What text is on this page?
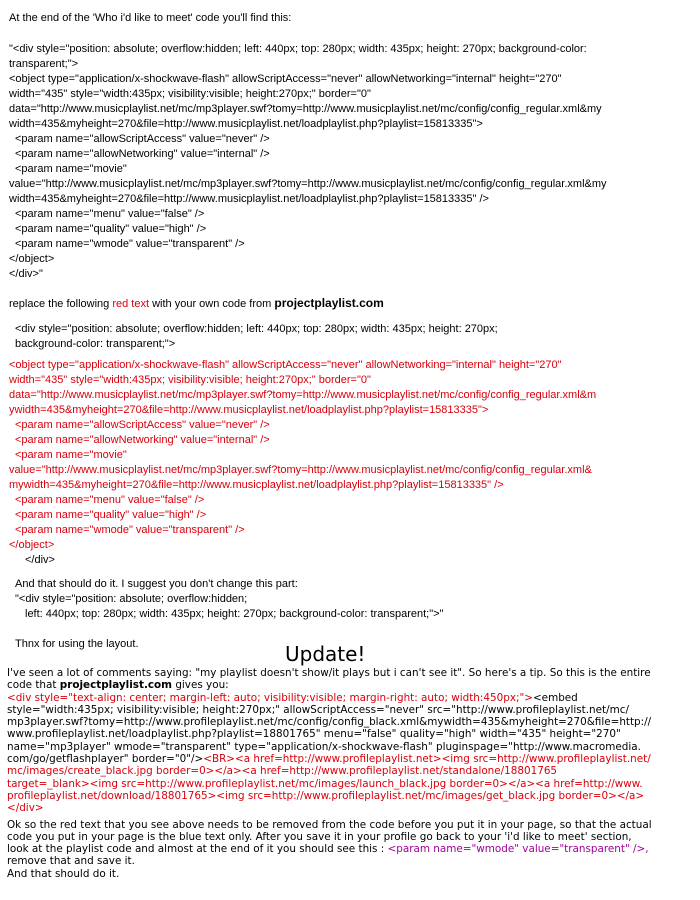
At the end of the 'Who i'd like to meet' code you'll find this:
"<div style="position: absolute; overflow:hidden; left: 440px; top: 280px; width: 435px; height: 270px; background-color:
transparent;">
<object type="application/x-shockwave-flash" allowScriptAccess="never" allowNetworking="internal" height="270"
width="435" style="width:435px; visibility:visible; height:270px;" border="0"
data="http://www.musicplaylist.net/mc/mp3player.swf?tomy=http://www.musicplaylist.net/mc/config/config_regular.xml&my
width=435&myheight=270&file=http://www.musicplaylist.net/loadplaylist.php?playlist=15813335">
<param name="allowScriptAccess" value="never" />
<param name="allowNetworking" value="internal" />
<param name="movie"
value="http://www.musicplaylist.net/mc/mp3player.swf?tomy=http://www.musicplaylist.net/mc/config/config_regular.xml&my
width=435&myheight=270&file=http://www.musicplaylist.net/loadplaylist.php?playlist=15813335" />
<param name="menu" value="false" />
<param name="quality" value="high" />
<param name="wmode" value="transparent" />
</object>
</div>"
replace the following red text with your own code from projectplaylist.com
<div style="position: absolute; overflow:hidden; left: 440px; top: 280px; width: 435px; height: 270px;
background-color: transparent;">
<object type="application/x-shockwave-flash" allowScriptAccess="never" allowNetworking="internal" height="270"
width="435" style="width:435px; visibility:visible; height:270px;" border="0"
data="http://www.musicplaylist.net/mc/mp3player.swf?tomy=http://www.musicplaylist.net/mc/config/config_regular.xml&m
ywidth=435&myheight=270&file=http://www.musicplaylist.net/loadplaylist.php?playlist=15813335">
<param name="allowScriptAccess" value="never" />
<param name="allowNetworking" value="internal" />
<param name="movie"
value="http://www.musicplaylist.net/mc/mp3player.swf?tomy=http://www.musicplaylist.net/mc/config/config_regular.xml&
mywidth=435&myheight=270&file=http://www.musicplaylist.net/loadplaylist.php?playlist=15813335" />
<param name="menu" value="false" />
<param name="quality" value="high" />
<param name="wmode" value="transparent" />
</object>
</div>
And that should do it. I suggest you don't change this part:
"<div style="position: absolute; overflow:hidden;
left: 440px; top: 280px; width: 435px; height: 270px; background-color: transparent;">"
Thnx for using the layout.	Update!
I've seen a lot of comments saying: "my playlist doesn't show/it plays but i can't see it". So here's a tip. So this is the entire
code that projectplaylist.com gives you:
<div style="text-align: center; margin-left: auto; visibility:visible; margin-right: auto; width:450px;"><embed
style="width:435px; visibility:visible; height:270px;" allowScriptAccess="never" src="http://www.profileplaylist.net/mc/
mp3player.swf?tomy=http://www.profileplaylist.net/mc/config/config_black.xml&mywidth=435&myheight=270&file=http://
www.profileplaylist.net/loadplaylist.php?playlist=18801765" menu="false" quality="high" width="435" height="270"
name="mp3player" wmode="transparent" type="application/x-shockwave-flash" pluginspage="http://www.macromedia.
com/go/getflashplayer" border="0"/><BR><a href=http://www.profileplaylist.net><img src=http://www.profileplaylist.net/
mc/images/create_black.jpg border=0></a><a href=http://www.profileplaylist.net/standalone/18801765
target=_blank><img src=http://www.profileplaylist.net/mc/images/launch_black.jpg border=0></a><a href=http://www.
profileplaylist.net/download/18801765><img src=http://www.profileplaylist.net/mc/images/get_black.jpg border=0></a>
</div>
Ok so the red text that you see above needs to be removed from the code before you put it in your page, so that the actual
code you put in your page is the blue text only. After you save it in your profile go back to your 'i'd like to meet' section,
look at the playlist code and almost at the end of it you should see this : <param name="wmode" value="transparent" />,
remove that and save it.
And that should do it.
